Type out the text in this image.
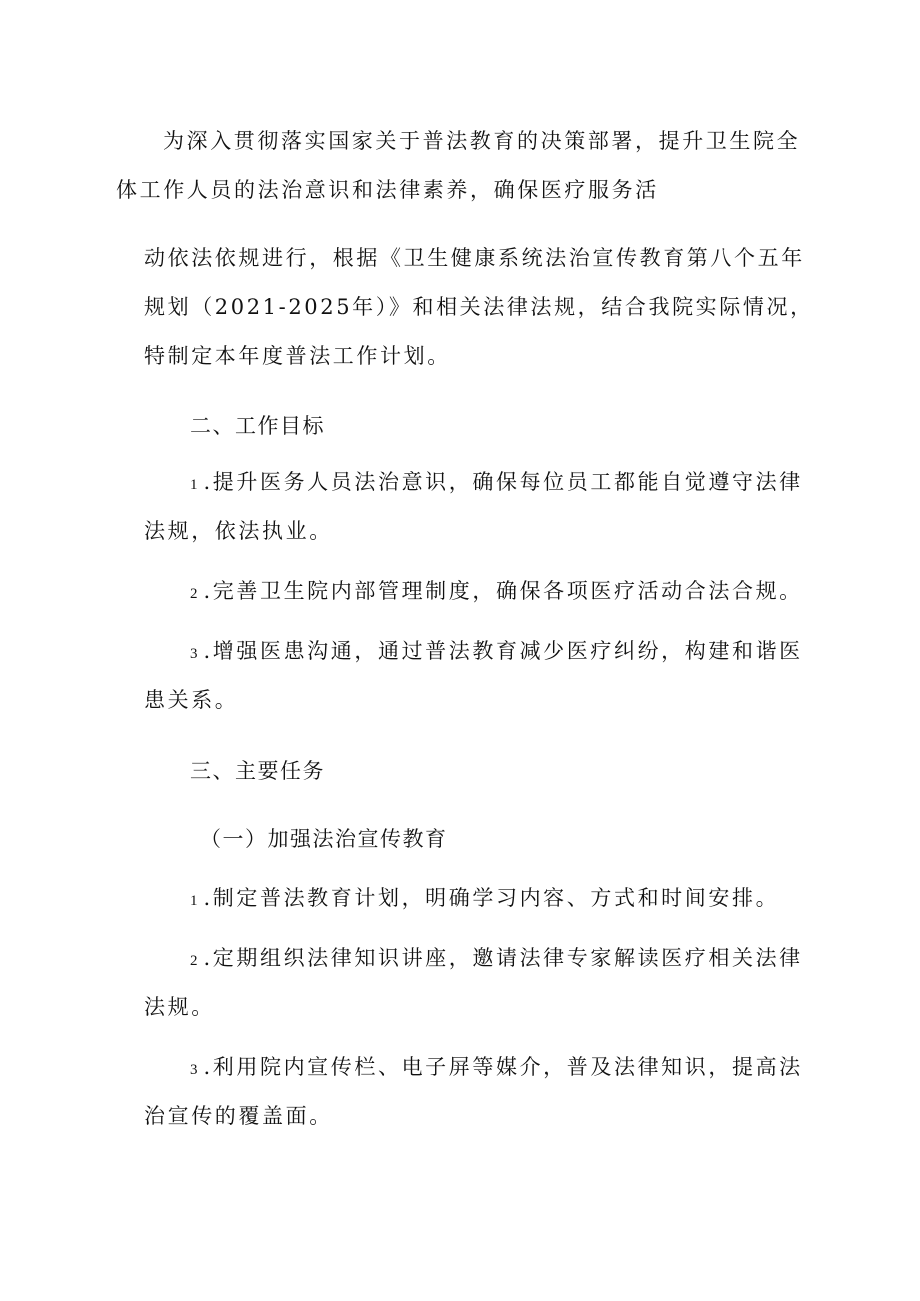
为深入贯彻落实国家关于普法教育的决策部署，提升卫生院全
体工作人员的法治意识和法律素养，确保医疗服务活
动依法依规进行，根据《卫生健康系统法治宣传教育第八个五年
规划（2021-2025年）》和相关法律法规，结合我院实际情况，
特制定本年度普法工作计划。
二、工作目标
1 .提升医务人员法治意识，确保每位员工都能自觉遵守法律
法规，依法执业。
2 .完善卫生院内部管理制度，确保各项医疗活动合法合规。
3 .增强医患沟通，通过普法教育减少医疗纠纷，构建和谐医
患关系。
三、主要任务
（一）加强法治宣传教育
1 .制定普法教育计划，明确学习内容、方式和时间安排。
2 .定期组织法律知识讲座，邀请法律专家解读医疗相关法律
法规。
3 .利用院内宣传栏、电子屏等媒介，普及法律知识，提高法
治宣传的覆盖面。
